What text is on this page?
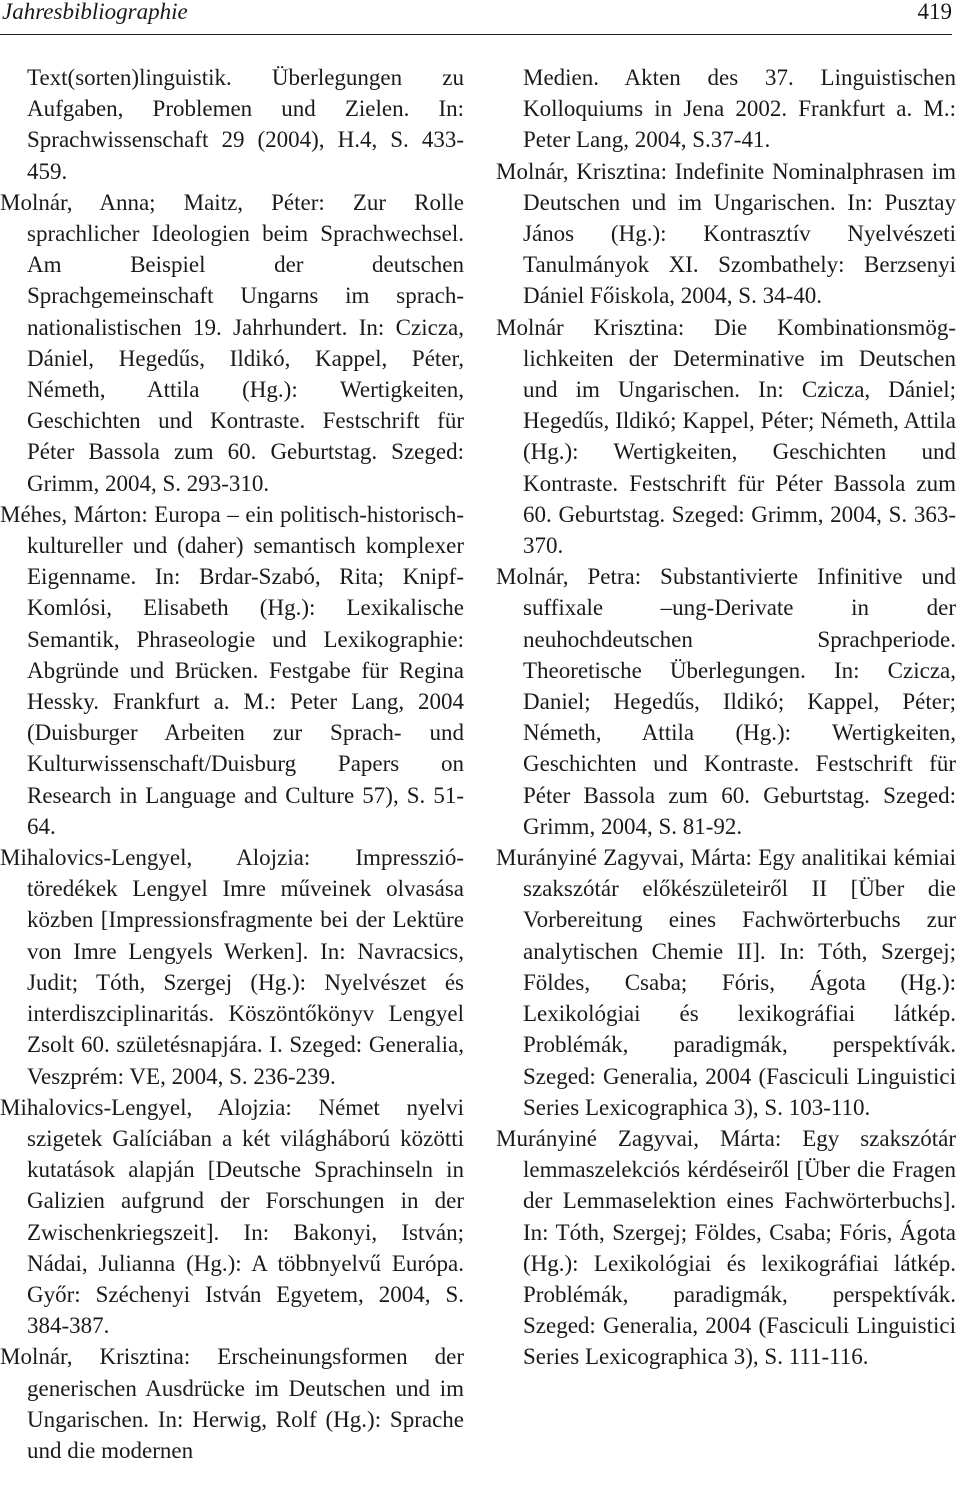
Jahresbibliographie	419

Text(sorten)linguistik. Überlegungen zu Aufgaben, Problemen und Zielen. In: Sprachwissenschaft 29 (2004), H.4, S. 433-459.

Molnár, Anna; Maitz, Péter: Zur Rolle sprachlicher Ideologien beim Sprachwechsel. Am Beispiel der deutschen Sprachgemeinschaft Ungarns im sprachnationalistischen 19. Jahrhundert. In: Czicza, Dániel, Hegedűs, Ildikó, Kappel, Péter, Németh, Attila (Hg.): Wertigkeiten, Geschichten und Kontraste. Festschrift für Péter Bassola zum 60. Geburtstag. Szeged: Grimm, 2004, S. 293-310.

Méhes, Márton: Europa – ein politisch-historisch-kultureller und (daher) semantisch komplexer Eigenname. In: Brdar-Szabó, Rita; Knipf-Komlósi, Elisabeth (Hg.): Lexikalische Semantik, Phraseologie und Lexikographie: Abgründe und Brücken. Festgabe für Regina Hessky. Frankfurt a. M.: Peter Lang, 2004 (Duisburger Arbeiten zur Sprach- und Kulturwissenschaft/Duisburg Papers on Research in Language and Culture 57), S. 51-64.

Mihalovics-Lengyel, Alojzia: Impressziótöredékek Lengyel Imre műveinek olvasása közben [Impressionsfragmente bei der Lektüre von Imre Lengyels Werken]. In: Navracsics, Judit; Tóth, Szergej (Hg.): Nyelvészet és interdiszciplinaritás. Köszöntőkönyv Lengyel Zsolt 60. születésnapjára. I. Szeged: Generalia, Veszprém: VE, 2004, S. 236-239.

Mihalovics-Lengyel, Alojzia: Német nyelvi szigetek Galíciában a két világháború közötti kutatások alapján [Deutsche Sprachinseln in Galizien aufgrund der Forschungen in der Zwischenkriegszeit]. In: Bakonyi, István; Nádai, Julianna (Hg.): A többnyelvű Európa. Győr: Széchenyi István Egyetem, 2004, S. 384-387.

Molnár, Krisztina: Erscheinungsformen der generischen Ausdrücke im Deutschen und im Ungarischen. In: Herwig, Rolf (Hg.): Sprache und die modernen

Medien. Akten des 37. Linguistischen Kolloquiums in Jena 2002. Frankfurt a. M.: Peter Lang, 2004, S.37-41.

Molnár, Krisztina: Indefinite Nominalphrasen im Deutschen und im Ungarischen. In: Pusztay János (Hg.): Kontrasztív Nyelvészeti Tanulmányok XI. Szombathely: Berzsenyi Dániel Főiskola, 2004, S. 34-40.

Molnár Krisztina: Die Kombinationsmöglichkeiten der Determinative im Deutschen und im Ungarischen. In: Czicza, Dániel; Hegedűs, Ildikó; Kappel, Péter; Németh, Attila (Hg.): Wertigkeiten, Geschichten und Kontraste. Festschrift für Péter Bassola zum 60. Geburtstag. Szeged: Grimm, 2004, S. 363-370.

Molnár, Petra: Substantivierte Infinitive und suffixale –ung-Derivate in der neuhochdeutschen Sprachperiode. Theoretische Überlegungen. In: Czicza, Daniel; Hegedűs, Ildikó; Kappel, Péter; Németh, Attila (Hg.): Wertigkeiten, Geschichten und Kontraste. Festschrift für Péter Bassola zum 60. Geburtstag. Szeged: Grimm, 2004, S. 81-92.

Murányiné Zagyvai, Márta: Egy analitikai kémiai szakszótár előkészületeiről II [Über die Vorbereitung eines Fachwörterbuchs zur analytischen Chemie II]. In: Tóth, Szergej; Földes, Csaba; Fóris, Ágota (Hg.): Lexikológiai és lexikográfiai látkép. Problémák, paradigmák, perspektívák. Szeged: Generalia, 2004 (Fasciculi Linguistici Series Lexicographica 3), S. 103-110.

Murányiné Zagyvai, Márta: Egy szakszótár lemmaszelekciós kérdéseiről [Über die Fragen der Lemmaselektion eines Fachwörterbuchs]. In: Tóth, Szergej; Földes, Csaba; Fóris, Ágota (Hg.): Lexikológiai és lexikográfiai látkép. Problémák, paradigmák, perspektívák. Szeged: Generalia, 2004 (Fasciculi Linguistici Series Lexicographica 3), S. 111-116.
